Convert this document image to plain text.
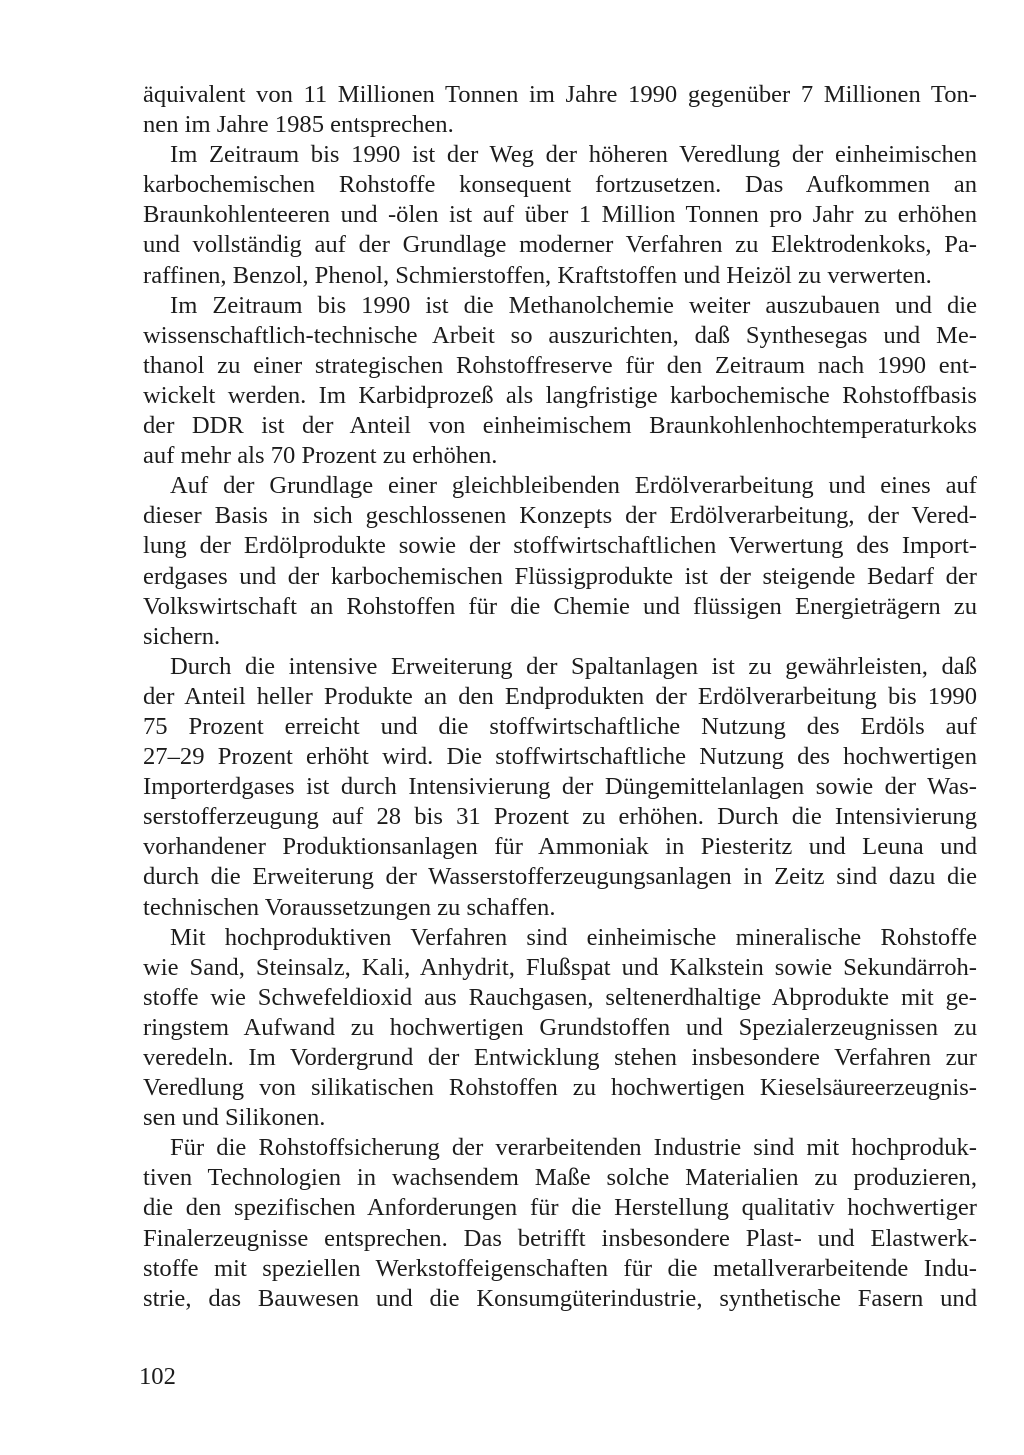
äquivalent von 11 Millionen Tonnen im Jahre 1990 gegenüber 7 Millionen Ton-
nen im Jahre 1985 entsprechen.
Im Zeitraum bis 1990 ist der Weg der höheren Veredlung der einheimischen
karbochemischen Rohstoffe konsequent fortzusetzen. Das Aufkommen an
Braunkohlenteeren und -ölen ist auf über 1 Million Tonnen pro Jahr zu erhöhen
und vollständig auf der Grundlage moderner Verfahren zu Elektrodenkoks, Pa-
raffinen, Benzol, Phenol, Schmierstoffen, Kraftstoffen und Heizöl zu verwerten.
Im Zeitraum bis 1990 ist die Methanolchemie weiter auszubauen und die
wissenschaftlich-technische Arbeit so auszurichten, daß Synthesegas und Me-
thanol zu einer strategischen Rohstoffreserve für den Zeitraum nach 1990 ent-
wickelt werden. Im Karbidprozeß als langfristige karbochemische Rohstoffbasis
der DDR ist der Anteil von einheimischem Braunkohlenhochtemperaturkoks
auf mehr als 70 Prozent zu erhöhen.
Auf der Grundlage einer gleichbleibenden Erdölverarbeitung und eines auf
dieser Basis in sich geschlossenen Konzepts der Erdölverarbeitung, der Vered-
lung der Erdölprodukte sowie der stoffwirtschaftlichen Verwertung des Import-
erdgases und der karbochemischen Flüssigprodukte ist der steigende Bedarf der
Volkswirtschaft an Rohstoffen für die Chemie und flüssigen Energieträgern zu
sichern.
Durch die intensive Erweiterung der Spaltanlagen ist zu gewährleisten, daß
der Anteil heller Produkte an den Endprodukten der Erdölverarbeitung bis 1990
75 Prozent erreicht und die stoffwirtschaftliche Nutzung des Erdöls auf
27–29 Prozent erhöht wird. Die stoffwirtschaftliche Nutzung des hochwertigen
Importerdgases ist durch Intensivierung der Düngemittelanlagen sowie der Was-
serstofferzeugung auf 28 bis 31 Prozent zu erhöhen. Durch die Intensivierung
vorhandener Produktionsanlagen für Ammoniak in Piesteritz und Leuna und
durch die Erweiterung der Wasserstofferzeugungsanlagen in Zeitz sind dazu die
technischen Voraussetzungen zu schaffen.
Mit hochproduktiven Verfahren sind einheimische mineralische Rohstoffe
wie Sand, Steinsalz, Kali, Anhydrit, Flußspat und Kalkstein sowie Sekundärroh-
stoffe wie Schwefeldioxid aus Rauchgasen, seltenerdhaltige Abprodukte mit ge-
ringstem Aufwand zu hochwertigen Grundstoffen und Spezialerzeugnissen zu
veredeln. Im Vordergrund der Entwicklung stehen insbesondere Verfahren zur
Veredlung von silikatischen Rohstoffen zu hochwertigen Kieselsäureerzeugnis-
sen und Silikonen.
Für die Rohstoffsicherung der verarbeitenden Industrie sind mit hochproduk-
tiven Technologien in wachsendem Maße solche Materialien zu produzieren,
die den spezifischen Anforderungen für die Herstellung qualitativ hochwertiger
Finalerzeugnisse entsprechen. Das betrifft insbesondere Plast- und Elastwerk-
stoffe mit speziellen Werkstoffeigenschaften für die metallverarbeitende Indu-
strie, das Bauwesen und die Konsumgüterindustrie, synthetische Fasern und
102
